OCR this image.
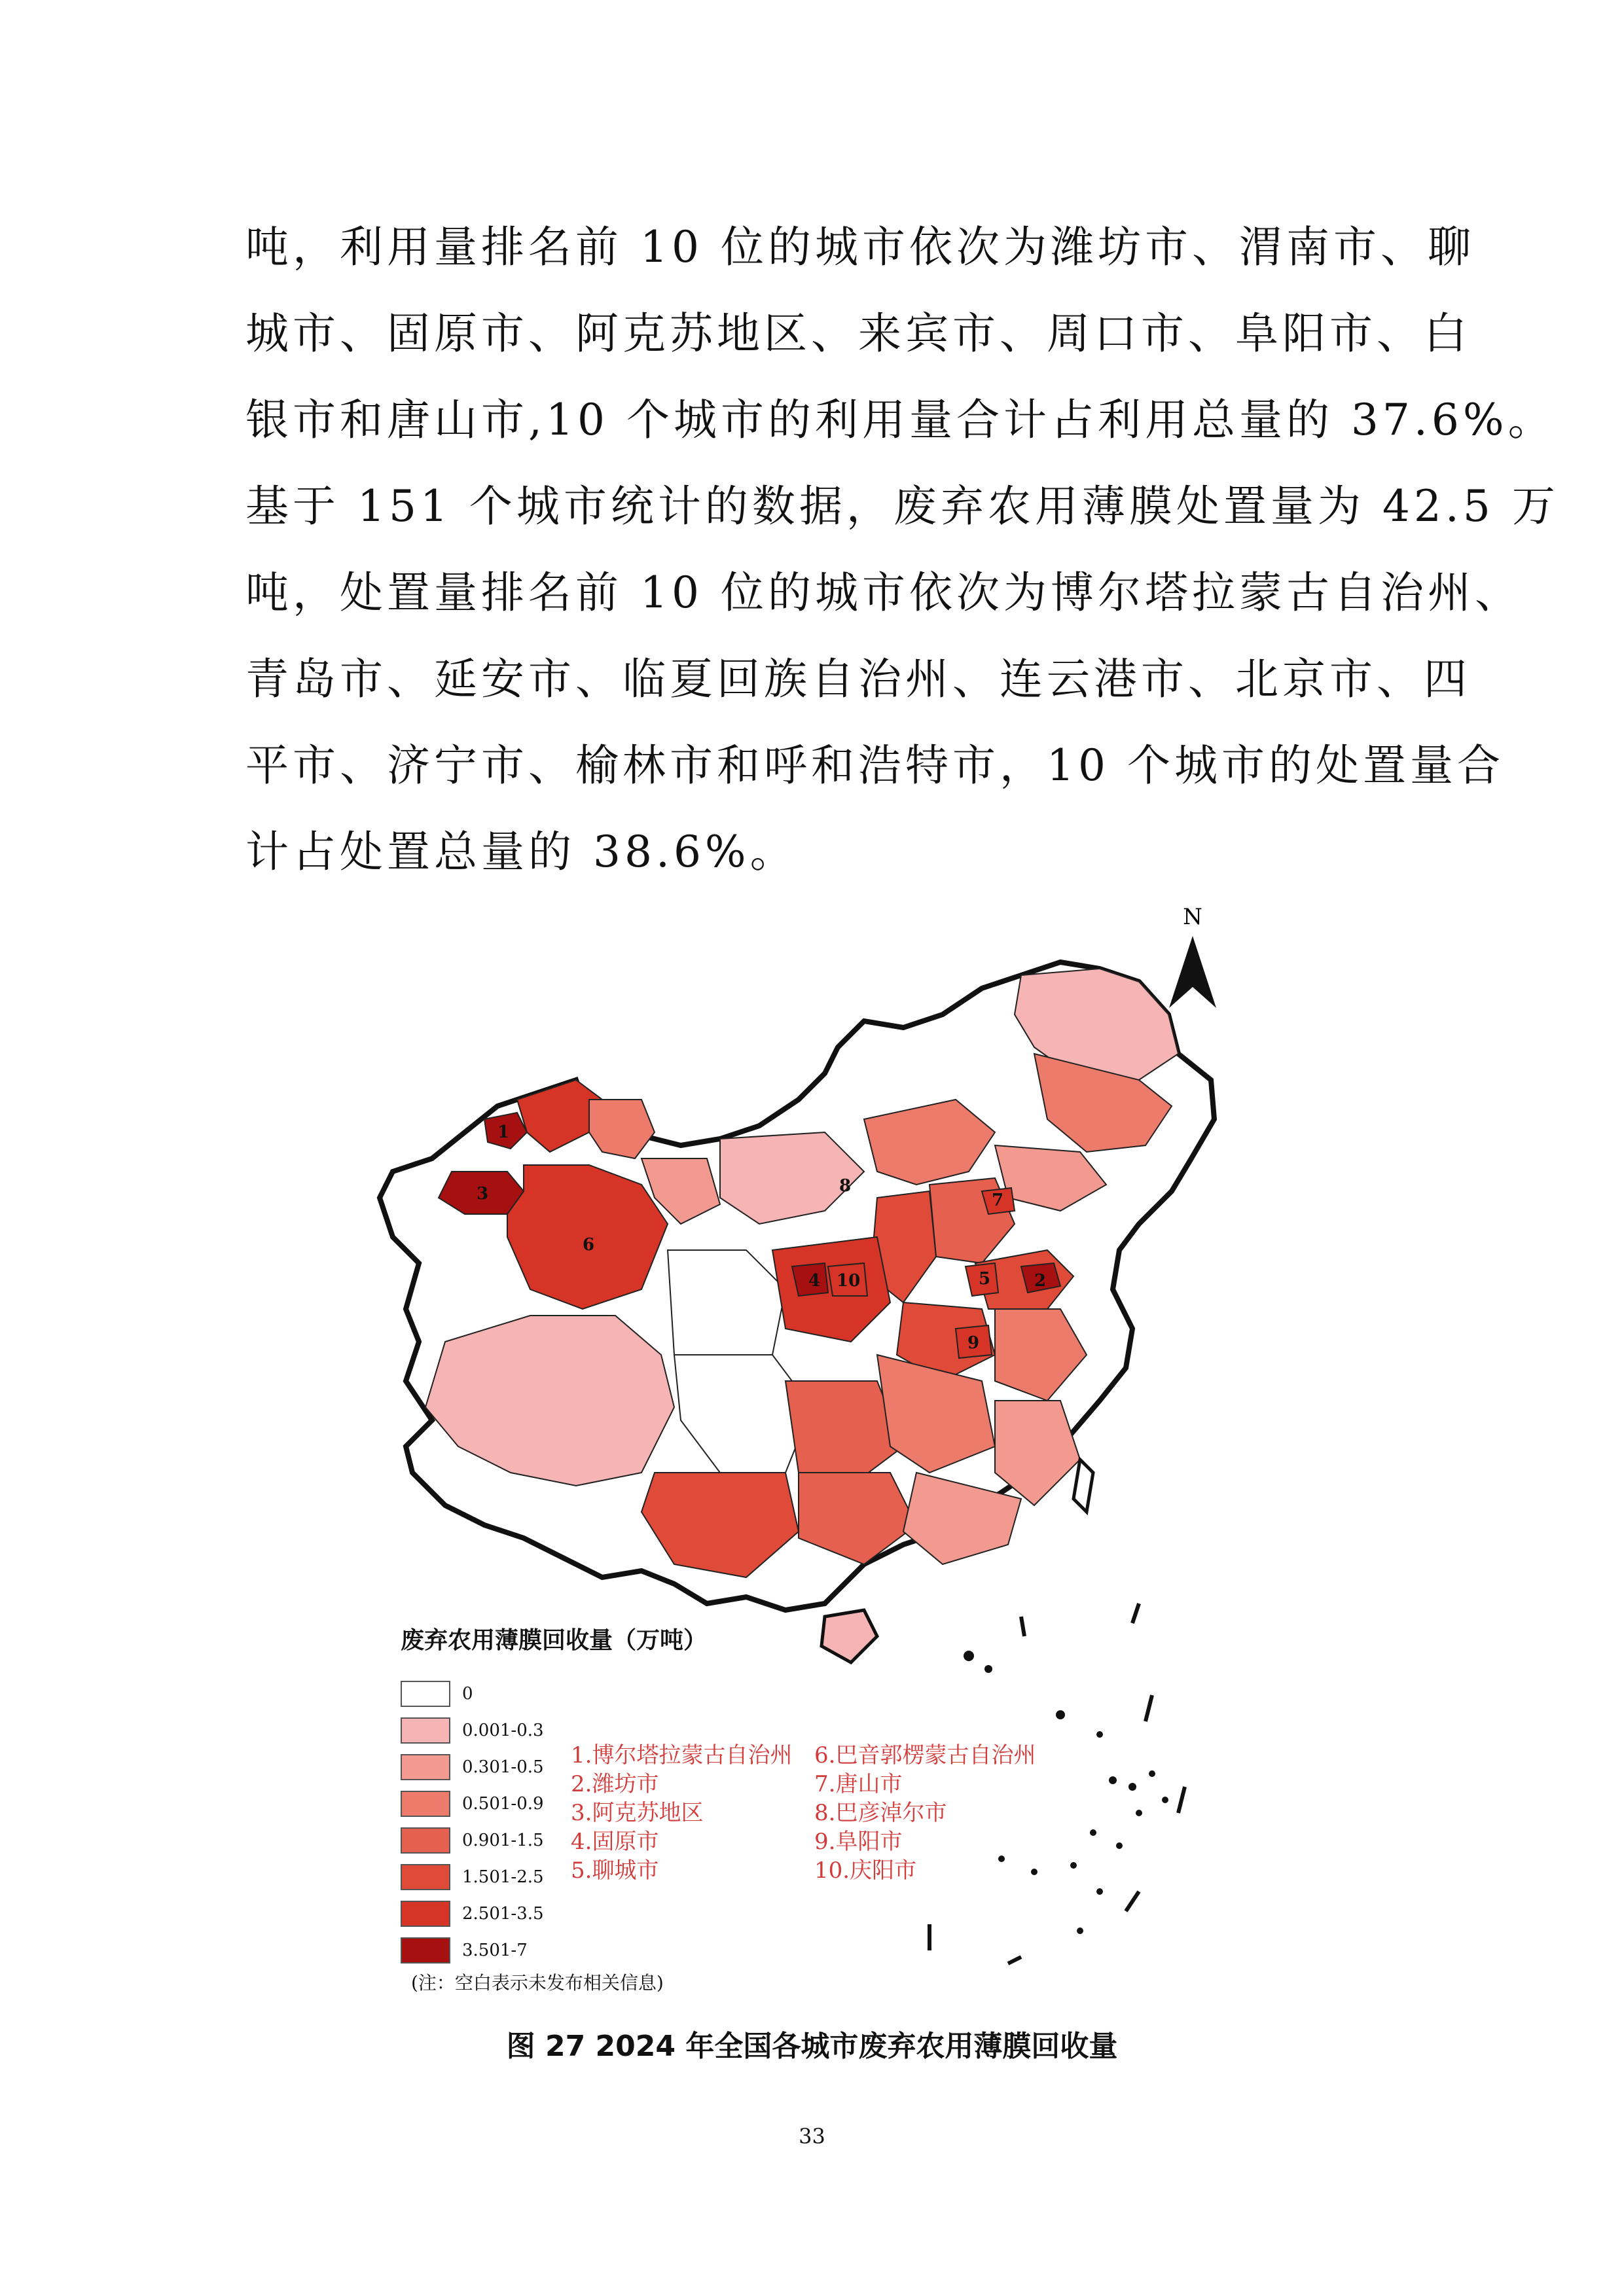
吨，利用量排名前 10 位的城市依次为潍坊市、渭南市、聊
城市、固原市、阿克苏地区、来宾市、周口市、阜阳市、白
银市和唐山市,10 个城市的利用量合计占利用总量的 37.6%。
基于 151 个城市统计的数据，废弃农用薄膜处置量为 42.5 万
吨，处置量排名前 10 位的城市依次为博尔塔拉蒙古自治州、
青岛市、延安市、临夏回族自治州、连云港市、北京市、四
平市、济宁市、榆林市和呼和浩特市，10 个城市的处置量合
计占处置总量的 38.6%。
N
1
2
3
4	5
6
7
8
9
10
废弃农用薄膜回收量（万吨）
0
0.001-0.3
0.301-0.5
0.501-0.9
0.901-1.5
1.501-2.5
2.501-3.5
3.501-7
1.博尔塔拉蒙古自治州
2.潍坊市
3.阿克苏地区
4.固原市
5.聊城市
6.巴音郭楞蒙古自治州
7.唐山市
8.巴彦淖尔市
9.阜阳市
10.庆阳市
(注：空白表示未发布相关信息)
图 27 2024 年全国各城市废弃农用薄膜回收量
33
